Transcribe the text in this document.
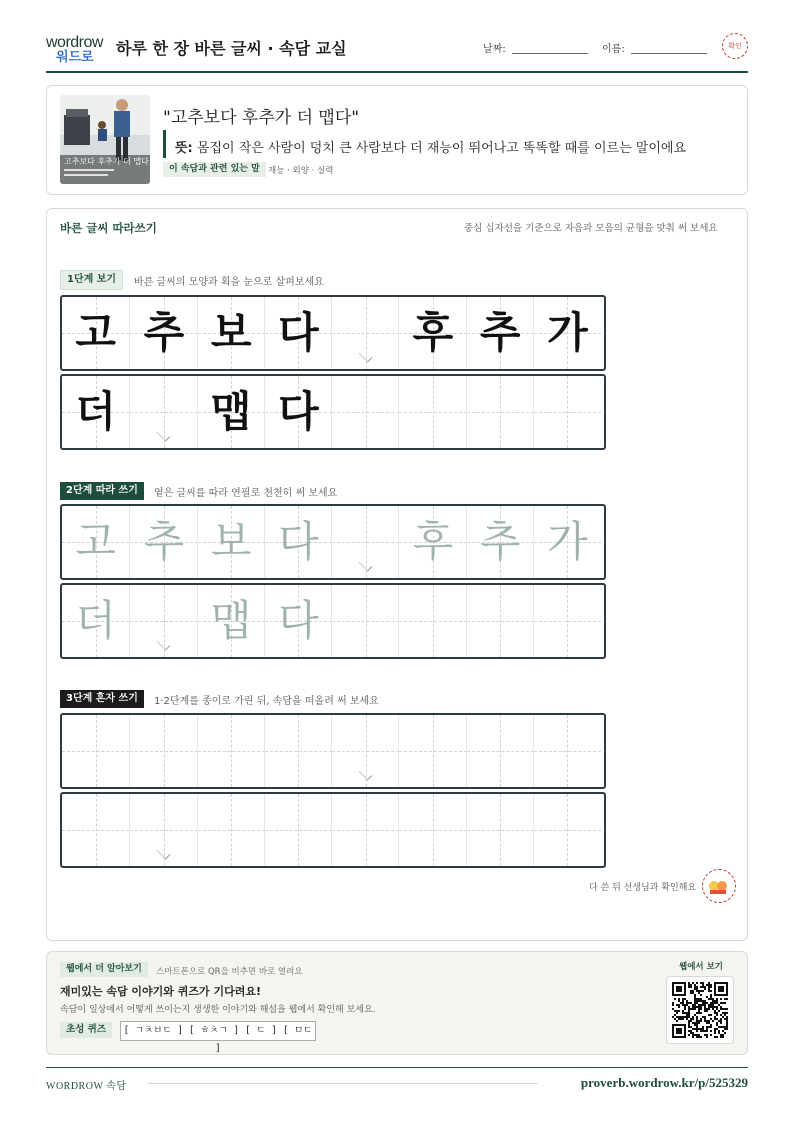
wordrow
워드로 하루 한 장 바른 글씨 · 속담 교실	날짜:	이름:	확인
고추보다 후추가 더 맵다
"고추보다 후추가 더 맵다"
뜻: 몸집이 작은 사람이 덩치 큰 사람보다 더 재능이 뛰어나고 똑똑할 때를 이르는 말이에요
이 속담과 관련 있는 말 재능 · 외양 · 실력
바른 글씨 따라쓰기	중심 십자선을 기준으로 자음과 모음의 균형을 맞춰 써 보세요
1단계 보기	바른 글씨의 모양과 획을 눈으로 살펴보세요
고 추 보 다	후 추 가
더	맵 다
2단계 따라 쓰기	옅은 글씨를 따라 연필로 천천히 써 보세요
고 추 보 다	후 추 가
더	맵 다
3단계 혼자 쓰기	1·2단계를 종이로 가린 뒤, 속담을 떠올려 써 보세요
다 쓴 뒤 선생님과 확인해요
웹에서 더 알아보기	스마트폰으로 QR을 비추면 바로 열려요
재미있는 속담 이야기와 퀴즈가 기다려요!
속담이 일상에서 어떻게 쓰이는지 생생한 이야기와 해설을 웹에서 확인해 보세요.
초성 퀴즈	[ ㄱㅊㅂㄷ ] [ ㅎㅊㄱ ] [ ㄷ ] [ ㅁㄷ ]
웹에서 보기
WORDROW 속담	proverb.wordrow.kr/p/525329
